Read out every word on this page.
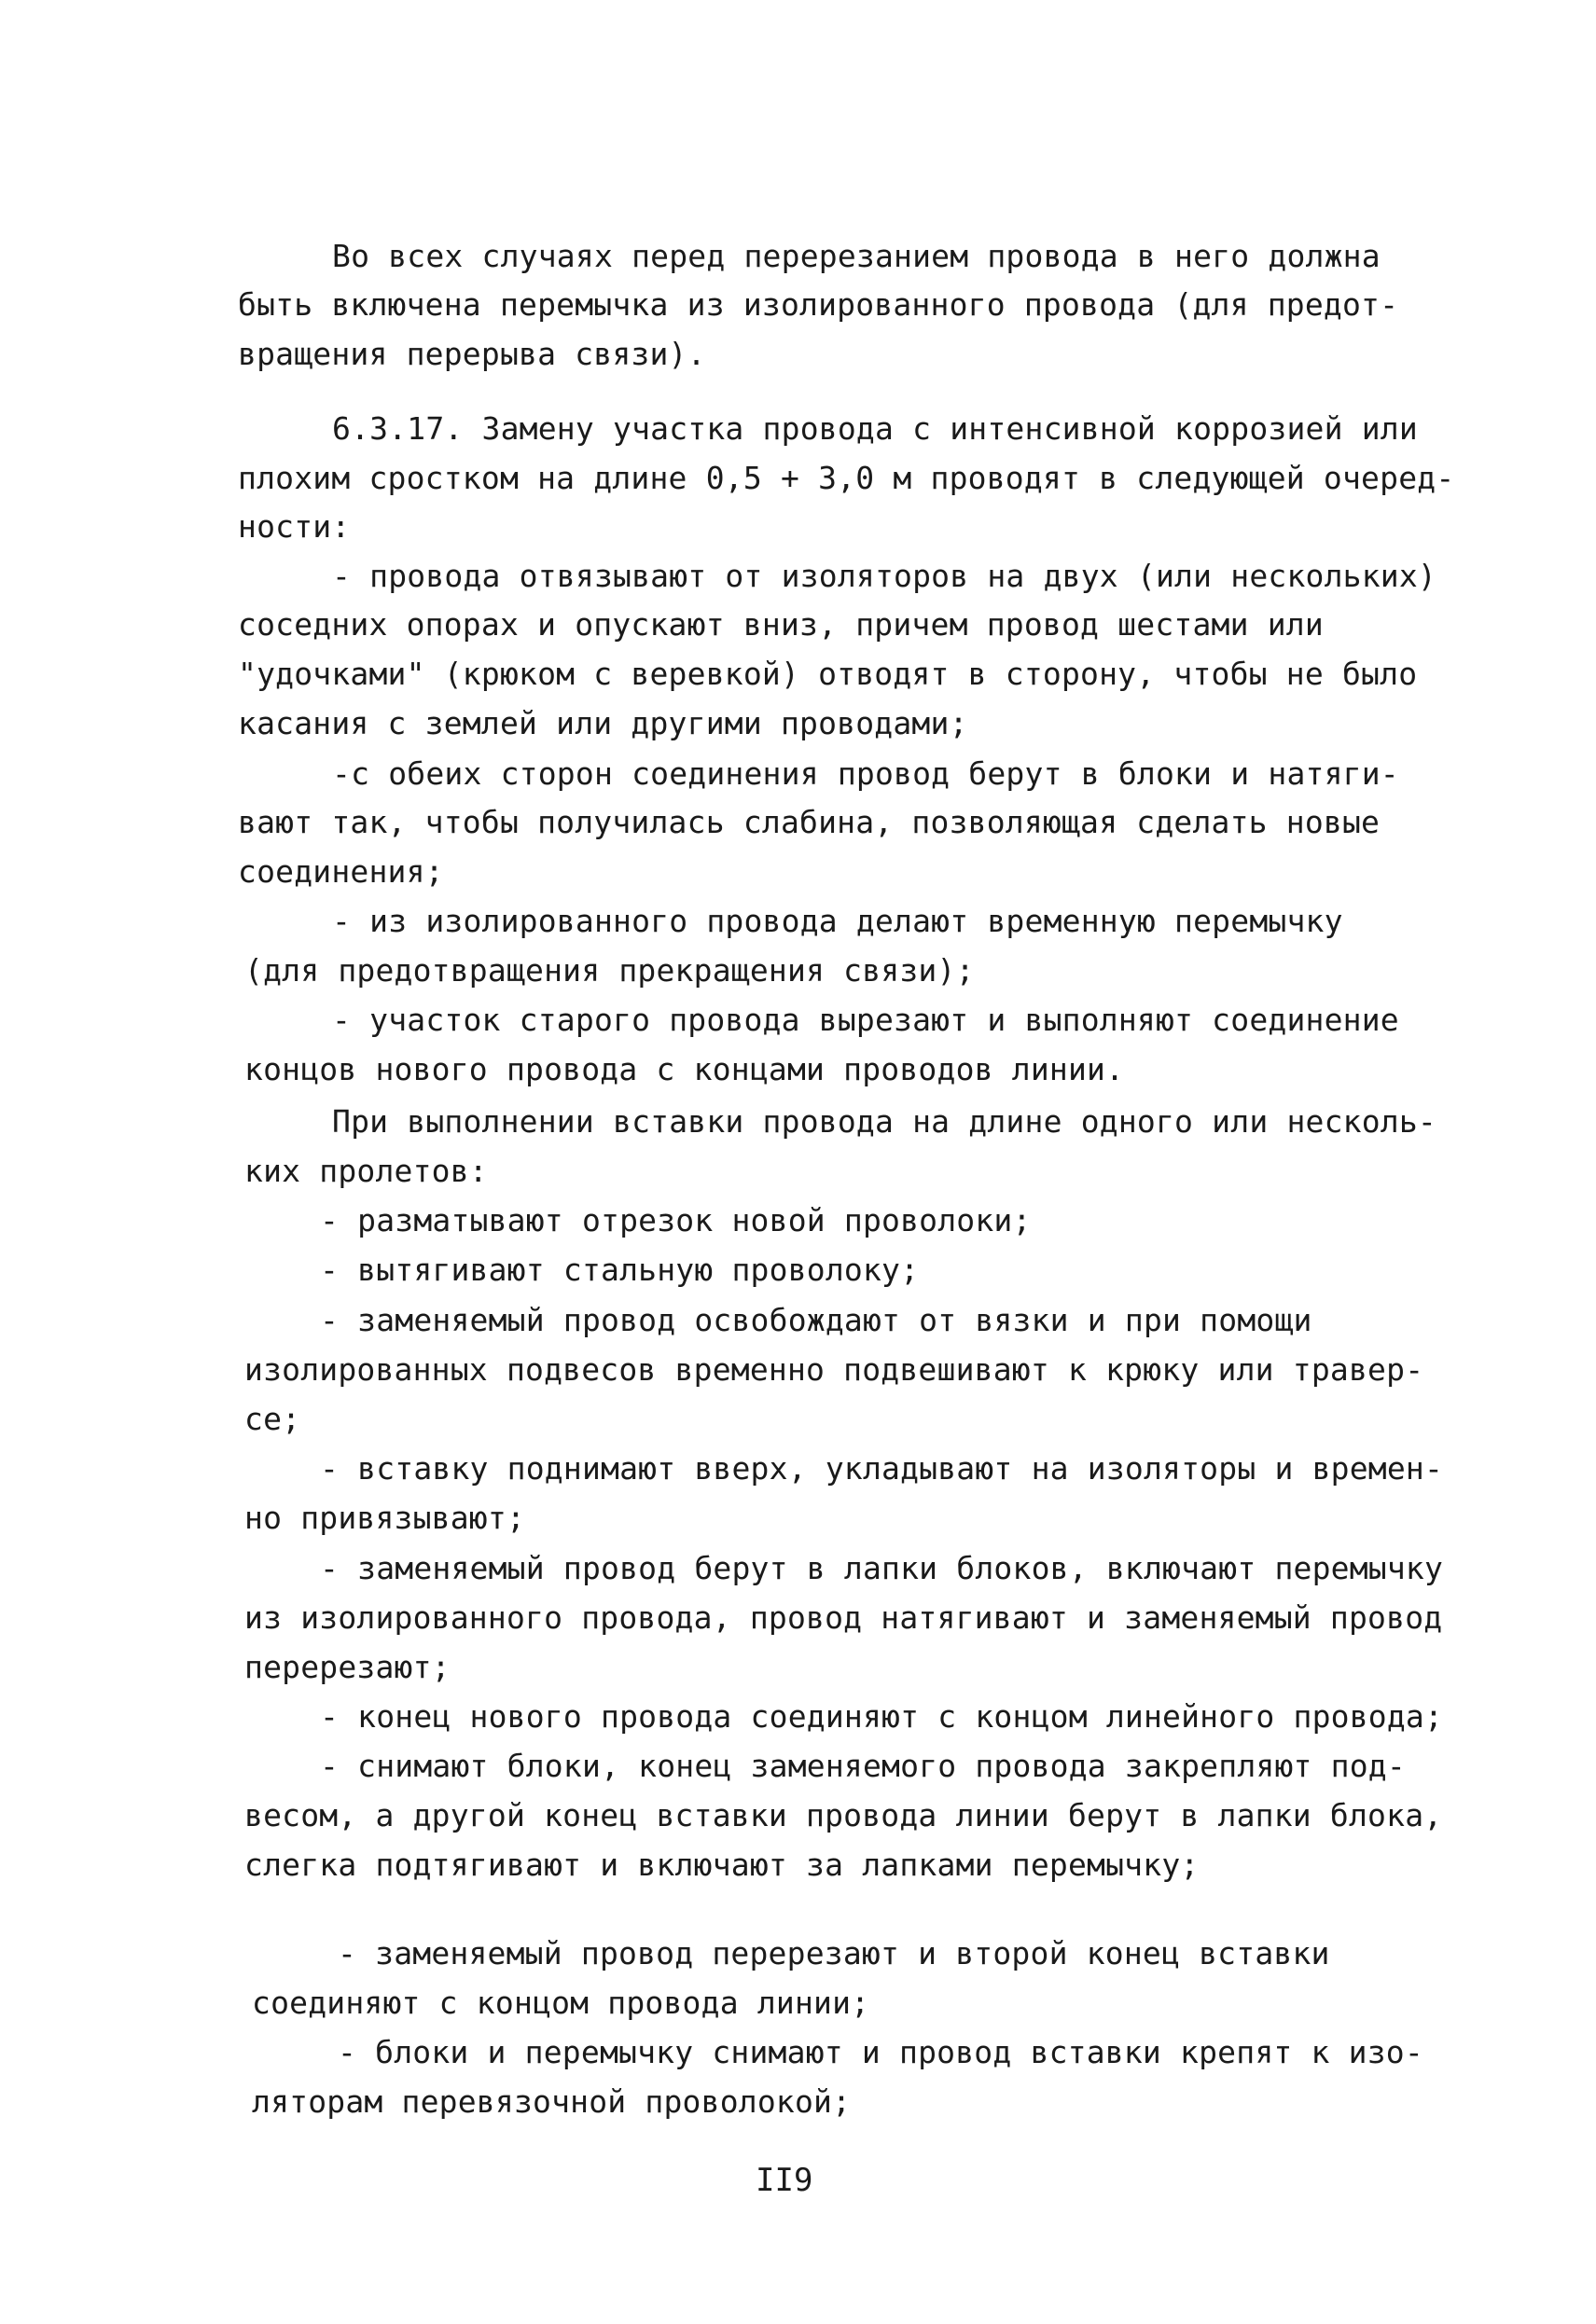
Во всех случаях перед перерезанием провода в него должна
быть включена перемычка из изолированного провода (для предот-
вращения перерыва связи).
6.3.17. Замену участка провода с интенсивной коррозией или
плохим сростком на длине 0,5 + 3,0 м проводят в следующей очеред-
ности:
- провода отвязывают от изоляторов на двух (или нескольких)
соседних опорах и опускают вниз, причем провод шестами или
"удочками" (крюком с веревкой) отводят в сторону, чтобы не было
касания с землей или другими проводами;
-с обеих сторон соединения провод берут в блоки и натяги-
вают так, чтобы получилась слабина, позволяющая сделать новые
соединения;
- из изолированного провода делают временную перемычку
(для предотвращения прекращения связи);
- участок старого провода вырезают и выполняют соединение
концов нового провода с концами проводов линии.
При выполнении вставки провода на длине одного или несколь-
ких пролетов:
- разматывают отрезок новой проволоки;
- вытягивают стальную проволоку;
- заменяемый провод освобождают от вязки и при помощи
изолированных подвесов временно подвешивают к крюку или травер-
се;
- вставку поднимают вверх, укладывают на изоляторы и времен-
но привязывают;
- заменяемый провод берут в лапки блоков, включают перемычку
из изолированного провода, провод натягивают и заменяемый провод
перерезают;
- конец нового провода соединяют с концом линейного провода;
- снимают блоки, конец заменяемого провода закрепляют под-
весом, а другой конец вставки провода линии берут в лапки блока,
слегка подтягивают и включают за лапками перемычку;
- заменяемый провод перерезают и второй конец вставки
соединяют с концом провода линии;
- блоки и перемычку снимают и провод вставки крепят к изо-
ляторам перевязочной проволокой;
II9
